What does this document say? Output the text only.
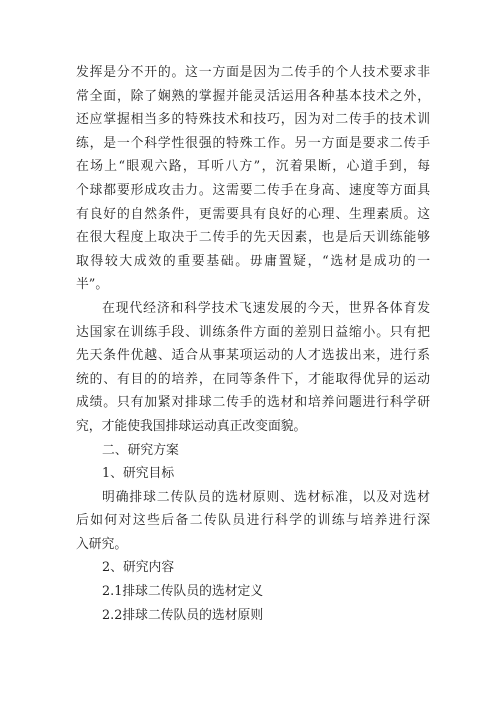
发挥是分不开的。这一方面是因为二传手的个人技术要求非
常全面，除了娴熟的掌握并能灵活运用各种基本技术之外，
还应掌握相当多的特殊技术和技巧，因为对二传手的技术训
练，是一个科学性很强的特殊工作。另一方面是要求二传手
在场上“眼观六路，耳听八方”，沉着果断，心道手到，每
个球都要形成攻击力。这需要二传手在身高、速度等方面具
有良好的自然条件，更需要具有良好的心理、生理素质。这
在很大程度上取决于二传手的先天因素，也是后天训练能够
取得较大成效的重要基础。毋庸置疑，“选材是成功的一
半”。
在现代经济和科学技术飞速发展的今天，世界各体育发
达国家在训练手段、训练条件方面的差别日益缩小。只有把
先天条件优越、适合从事某项运动的人才选拔出来，进行系
统的、有目的的培养，在同等条件下，才能取得优异的运动
成绩。只有加紧对排球二传手的选材和培养问题进行科学研
究，才能使我国排球运动真正改变面貌。
二、研究方案
1、研究目标
明确排球二传队员的选材原则、选材标准，以及对选材
后如何对这些后备二传队员进行科学的训练与培养进行深
入研究。
2、研究内容
2.1排球二传队员的选材定义
2.2排球二传队员的选材原则
